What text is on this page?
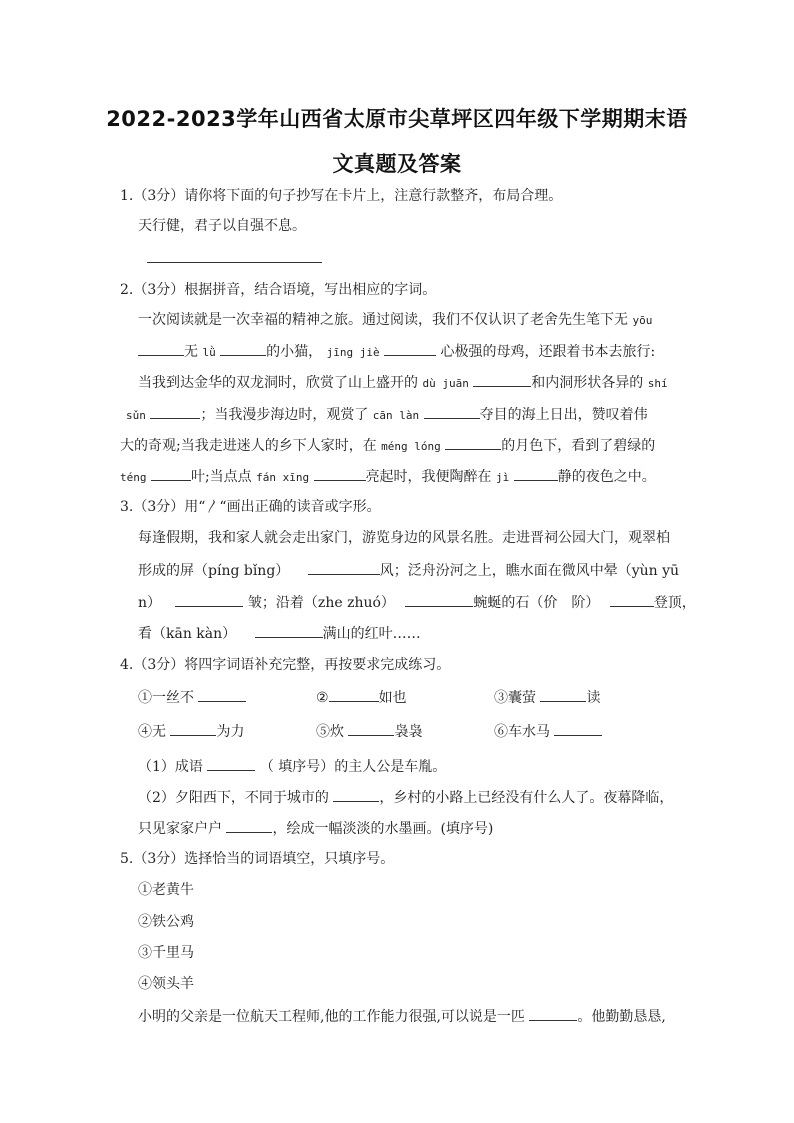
2022-2023学年山西省太原市尖草坪区四年级下学期期末语
文真题及答案
1.（3分）请你将下面的句子抄写在卡片上，注意行款整齐，布局合理。
天行健，君子以自强不息。
2.（3分）根据拼音，结合语境，写出相应的字词。
一次阅读就是一次幸福的精神之旅。通过阅读，我们不仅认识了老舍先生笔下无 yōu
无 lǜ	的小猫， jīng jiè	心极强的母鸡，还跟着书本去旅行:
当我到达金华的双龙洞时，欣赏了山上盛开的 dù juān	和内洞形状各异的 shí
sǔn	；当我漫步海边时，观赏了 cān làn	夺目的海上日出，赞叹着伟
大的奇观;当我走进迷人的乡下人家时，在 méng lóng	的月色下，看到了碧绿的
téng	叶;当点点 fán xīng	亮起时，我便陶醉在 jì	静的夜色之中。
3.（3分）用“〳“画出正确的读音或字形。
每逢假期，我和家人就会走出家门，游览身边的风景名胜。走进晋祠公园大门，观翠柏
形成的屏（píng bǐng）	风；泛舟汾河之上，瞧水面在微风中晕（yùn yū
n）	皱；沿着（zhe zhuó）	蜿蜒的石（价　阶）	登顶，
看（kān kàn）	满山的红叶……
4.（3分）将四字词语补充完整，再按要求完成练习。
①一丝不	②	如也	③囊萤	读
④无	为力	⑤炊	袅袅	⑥车水马
（1）成语	（ 填序号）的主人公是车胤。
（2）夕阳西下，不同于城市的	，乡村的小路上已经没有什么人了。夜幕降临，
只见家家户户	，绘成一幅淡淡的水墨画。(填序号)
5.（3分）选择恰当的词语填空，只填序号。
①老黄牛
②铁公鸡
③千里马
④领头羊
小明的父亲是一位航天工程师,他的工作能力很强,可以说是一匹	。他勤勤恳恳,
